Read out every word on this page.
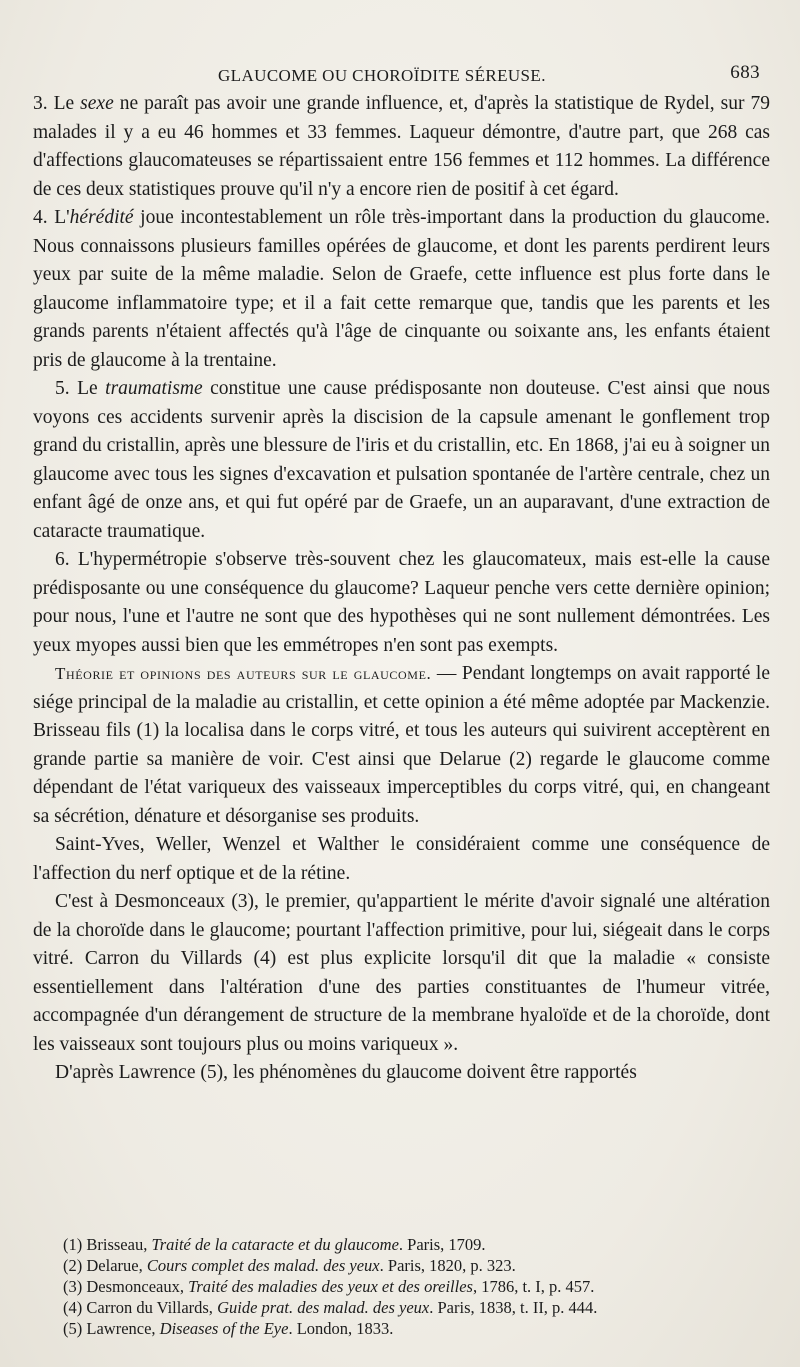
GLAUCOME OU CHOROÏDITE SÉREUSE.	683

3. Le sexe ne paraît pas avoir une grande influence, et, d'après la statistique de Rydel, sur 79 malades il y a eu 46 hommes et 33 femmes. Laqueur démontre, d'autre part, que 268 cas d'affections glaucomateuses se répartissaient entre 156 femmes et 112 hommes. La différence de ces deux statistiques prouve qu'il n'y a encore rien de positif à cet égard.

4. L'hérédité joue incontestablement un rôle très-important dans la production du glaucome. Nous connaissons plusieurs familles opérées de glaucome, et dont les parents perdirent leurs yeux par suite de la même maladie. Selon de Graefe, cette influence est plus forte dans le glaucome inflammatoire type; et il a fait cette remarque que, tandis que les parents et les grands parents n'étaient affectés qu'à l'âge de cinquante ou soixante ans, les enfants étaient pris de glaucome à la trentaine.

5. Le traumatisme constitue une cause prédisposante non douteuse. C'est ainsi que nous voyons ces accidents survenir après la discision de la capsule amenant le gonflement trop grand du cristallin, après une blessure de l'iris et du cristallin, etc. En 1868, j'ai eu à soigner un glaucome avec tous les signes d'excavation et pulsation spontanée de l'artère centrale, chez un enfant âgé de onze ans, et qui fut opéré par de Graefe, un an auparavant, d'une extraction de cataracte traumatique.

6. L'hypermétropie s'observe très-souvent chez les glaucomateux, mais est-elle la cause prédisposante ou une conséquence du glaucome? Laqueur penche vers cette dernière opinion; pour nous, l'une et l'autre ne sont que des hypothèses qui ne sont nullement démontrées. Les yeux myopes aussi bien que les emmétropes n'en sont pas exempts.

Théorie et opinions des auteurs sur le glaucome. — Pendant longtemps on avait rapporté le siége principal de la maladie au cristallin, et cette opinion a été même adoptée par Mackenzie. Brisseau fils (1) la localisa dans le corps vitré, et tous les auteurs qui suivirent acceptèrent en grande partie sa manière de voir. C'est ainsi que Delarue (2) regarde le glaucome comme dépendant de l'état variqueux des vaisseaux imperceptibles du corps vitré, qui, en changeant sa sécrétion, dénature et désorganise ses produits.

Saint-Yves, Weller, Wenzel et Walther le considéraient comme une conséquence de l'affection du nerf optique et de la rétine.

C'est à Desmonceaux (3), le premier, qu'appartient le mérite d'avoir signalé une altération de la choroïde dans le glaucome; pourtant l'affection primitive, pour lui, siégeait dans le corps vitré. Carron du Villards (4) est plus explicite lorsqu'il dit que la maladie « consiste essentiellement dans l'altération d'une des parties constituantes de l'humeur vitrée, accompagnée d'un dérangement de structure de la membrane hyaloïde et de la choroïde, dont les vaisseaux sont toujours plus ou moins variqueux ».

D'après Lawrence (5), les phénomènes du glaucome doivent être rapportés

(1) Brisseau, Traité de la cataracte et du glaucome. Paris, 1709.
(2) Delarue, Cours complet des malad. des yeux. Paris, 1820, p. 323.
(3) Desmonceaux, Traité des maladies des yeux et des oreilles, 1786, t. I, p. 457.
(4) Carron du Villards, Guide prat. des malad. des yeux. Paris, 1838, t. II, p. 444.
(5) Lawrence, Diseases of the Eye. London, 1833.
